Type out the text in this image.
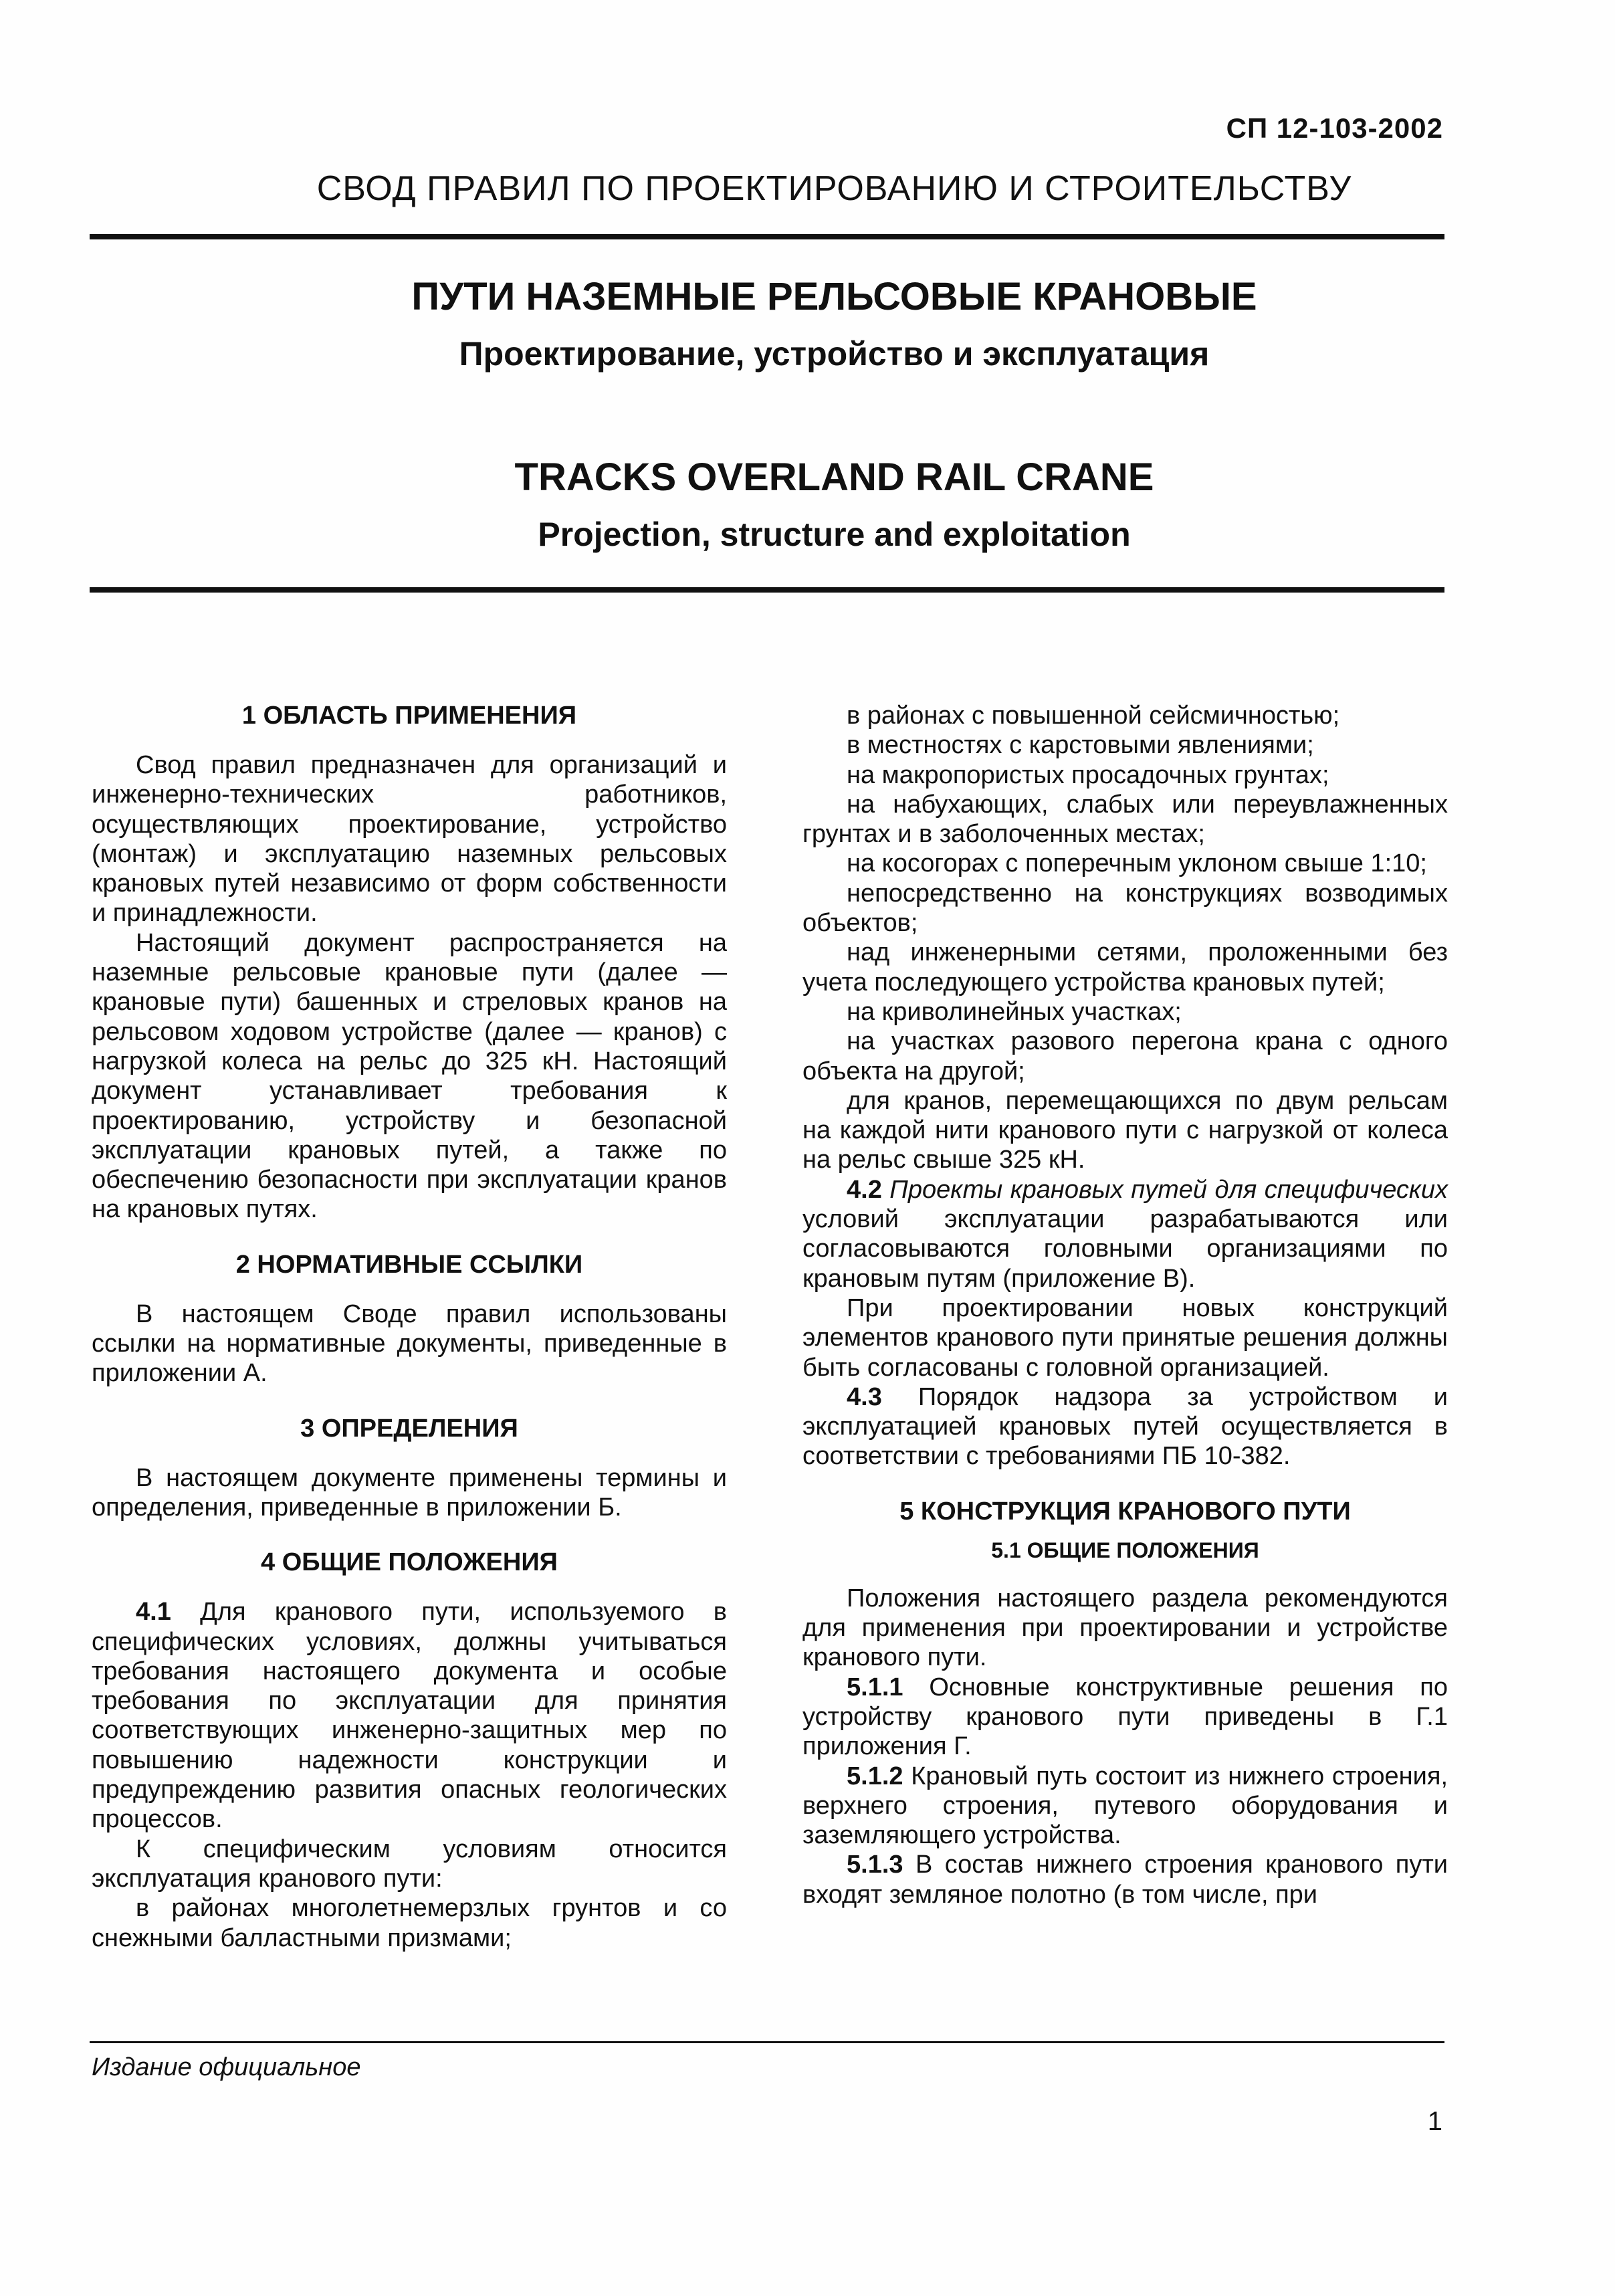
СП 12-103-2002
СВОД ПРАВИЛ ПО ПРОЕКТИРОВАНИЮ И СТРОИТЕЛЬСТВУ
ПУТИ НАЗЕМНЫЕ РЕЛЬСОВЫЕ КРАНОВЫЕ
Проектирование, устройство и эксплуатация
TRACKS OVERLAND RAIL CRANE
Projection, structure and exploitation
1 ОБЛАСТЬ ПРИМЕНЕНИЯ

Свод правил предназначен для организаций и инженерно-технических работников, осуществляющих проектирование, устройство (монтаж) и эксплуатацию наземных рельсовых крановых путей независимо от форм собственности и принадлежности.

Настоящий документ распространяется на наземные рельсовые крановые пути (далее — крановые пути) башенных и стреловых кранов на рельсовом ходовом устройстве (далее — кранов) с нагрузкой колеса на рельс до 325 кН. Настоящий документ устанавливает требования к проектированию, устройству и безопасной эксплуатации крановых путей, а также по обеспечению безопасности при эксплуатации кранов на крановых путях.

2 НОРМАТИВНЫЕ ССЫЛКИ

В настоящем Своде правил использованы ссылки на нормативные документы, приведенные в приложении А.

3 ОПРЕДЕЛЕНИЯ

В настоящем документе применены термины и определения, приведенные в приложении Б.

4 ОБЩИЕ ПОЛОЖЕНИЯ

4.1 Для кранового пути, используемого в специфических условиях, должны учитываться требования настоящего документа и особые требования по эксплуатации для принятия соответствующих инженерно-защитных мер по повышению надежности конструкции и предупреждению развития опасных геологических процессов.

К специфическим условиям относится эксплуатация кранового пути:

в районах многолетнемерзлых грунтов и со снежными балластными призмами;

в районах с повышенной сейсмичностью;

в местностях с карстовыми явлениями;

на макропористых просадочных грунтах;

на набухающих, слабых или переувлажненных грунтах и в заболоченных местах;

на косогорах с поперечным уклоном свыше 1:10;

непосредственно на конструкциях возводимых объектов;

над инженерными сетями, проложенными без учета последующего устройства крановых путей;

на криволинейных участках;

на участках разового перегона крана с одного объекта на другой;

для кранов, перемещающихся по двум рельсам на каждой нити кранового пути с нагрузкой от колеса на рельс свыше 325 кН.

4.2 Проекты крановых путей для специфических условий эксплуатации разрабатываются или согласовываются головными организациями по крановым путям (приложение В).

При проектировании новых конструкций элементов кранового пути принятые решения должны быть согласованы с головной организацией.

4.3 Порядок надзора за устройством и эксплуатацией крановых путей осуществляется в соответствии с требованиями ПБ 10-382.

5 КОНСТРУКЦИЯ КРАНОВОГО ПУТИ
5.1 ОБЩИЕ ПОЛОЖЕНИЯ

Положения настоящего раздела рекомендуются для применения при проектировании и устройстве кранового пути.

5.1.1 Основные конструктивные решения по устройству кранового пути приведены в Г.1 приложения Г.

5.1.2 Крановый путь состоит из нижнего строения, верхнего строения, путевого оборудования и заземляющего устройства.

5.1.3 В состав нижнего строения кранового пути входят земляное полотно (в том числе, при

Издание официальное
1
